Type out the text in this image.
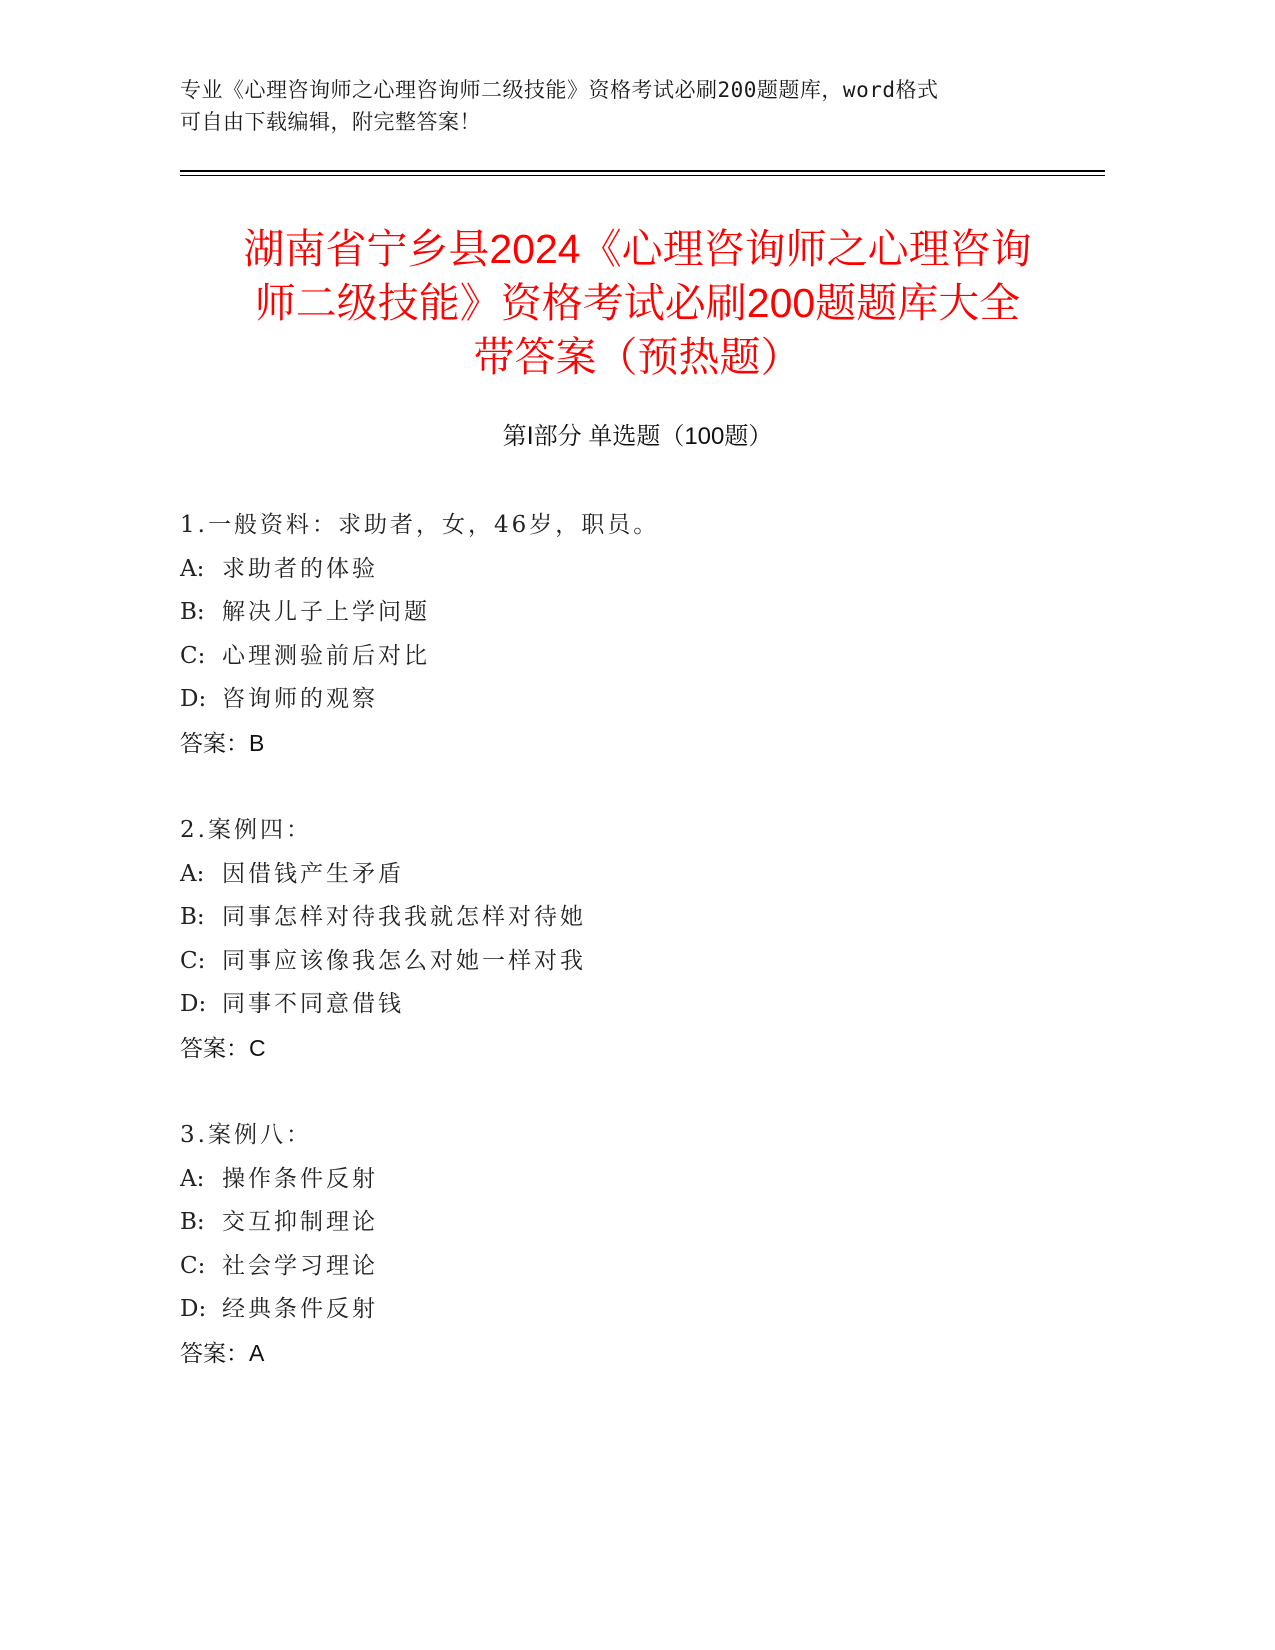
专业《心理咨询师之心理咨询师二级技能》资格考试必刷200题题库，word格式
可自由下载编辑，附完整答案！
湖南省宁乡县2024《心理咨询师之心理咨询
师二级技能》资格考试必刷200题题库大全
带答案（预热题）
第Ⅰ部分 单选题（100题）
1.一般资料：求助者，女，46岁，职员。
A: 求助者的体验
B: 解决儿子上学问题
C: 心理测验前后对比
D: 咨询师的观察
答案：B
2.案例四：
A: 因借钱产生矛盾
B: 同事怎样对待我我就怎样对待她
C: 同事应该像我怎么对她一样对我
D: 同事不同意借钱
答案：C
3.案例八：
A: 操作条件反射
B: 交互抑制理论
C: 社会学习理论
D: 经典条件反射
答案：A
